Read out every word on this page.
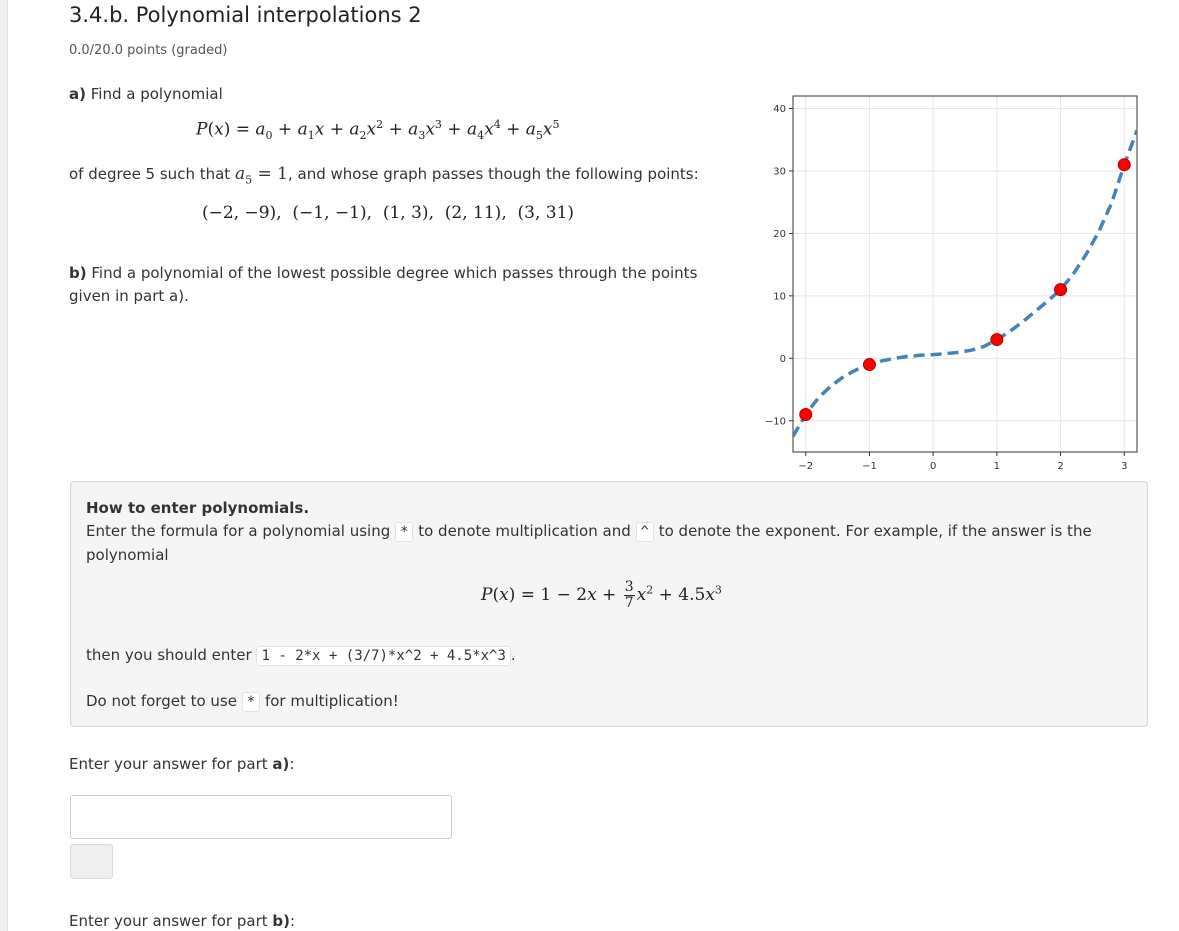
3.4.b. Polynomial interpolations 2
0.0/20.0 points (graded)
a) Find a polynomial
$P(x) = a_0 + a_1x + a_2x^2 + a_3x^3 + a_4x^4 + a_5x^5$
of degree 5 such that $a_5 = 1$, and whose graph passes though the following points:
(−2, −9),  (−1, −1),  (1, 3),  (2, 11),  (3, 31)
b) Find a polynomial of the lowest possible degree which passes through the points
given in part a).
−2	−1	0	1	2	3
−10
0
10
20
30
40
How to enter polynomials.
Enter the formula for a polynomial using * to denote multiplication and ^ to denote the exponent. For example, if the answer is the
polynomial
$P(x) = 1 - 2x + \frac{3}{7} x^2 + 4.5x^3$
then you should enter 1 - 2*x + (3/7)*x^2 + 4.5*x^3 .
Do not forget to use * for multiplication!
Enter your answer for part a):
Enter your answer for part b):
